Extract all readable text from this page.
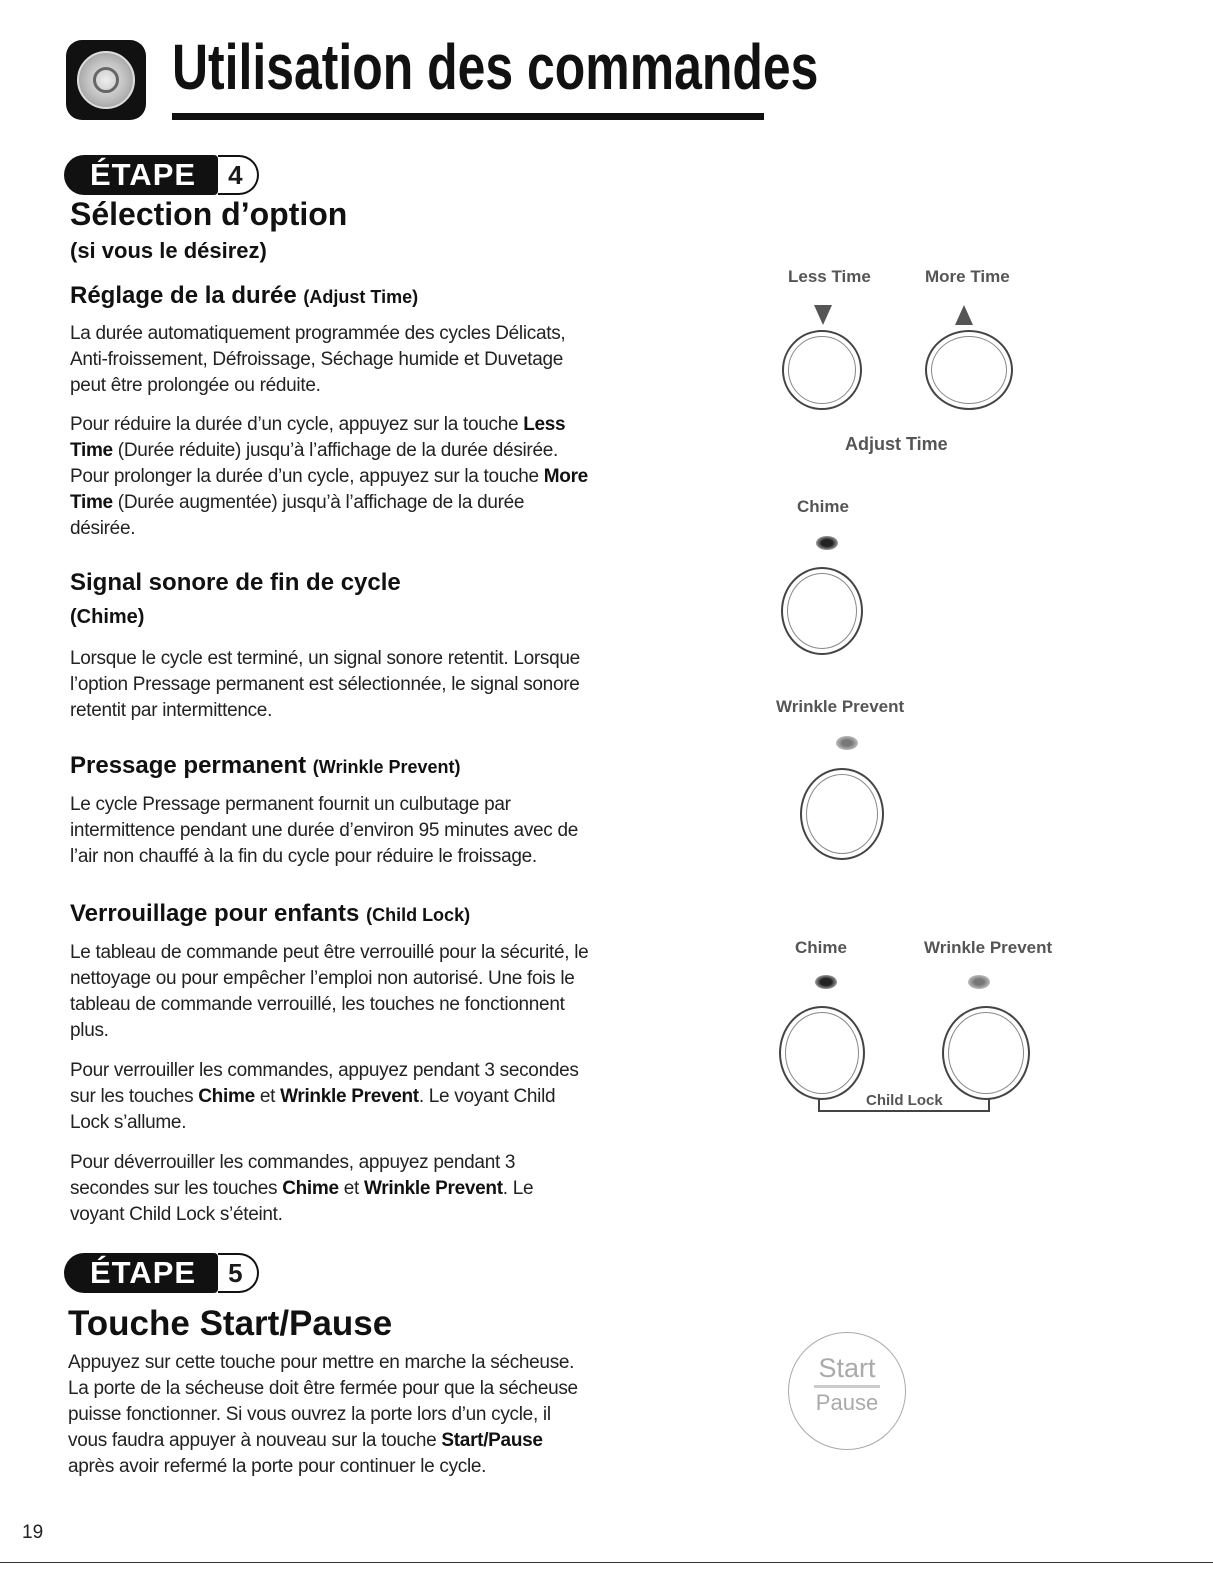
Utilisation des commandes
ÉTAPE	4
Sélection d’option
(si vous le désirez)
Réglage de la durée (Adjust Time)

La durée automatiquement programmée des cycles Délicats, Anti-froissement, Défroissage, Séchage humide et Duvetage peut être prolongée ou réduite.

Pour réduire la durée d’un cycle, appuyez sur la touche Less Time (Durée réduite) jusqu’à l’affichage de la durée désirée. Pour prolonger la durée d’un cycle, appuyez sur la touche More Time (Durée augmentée) jusqu’à l’affichage de la durée désirée.

Signal sonore de fin de cycle
(Chime)

Lorsque le cycle est terminé, un signal sonore retentit. Lorsque l’option Pressage permanent est sélectionnée, le signal sonore retentit par intermittence.

Pressage permanent (Wrinkle Prevent)

Le cycle Pressage permanent fournit un culbutage par intermittence pendant une durée d’environ 95 minutes avec de l’air non chauffé à la fin du cycle pour réduire le froissage.

Verrouillage pour enfants (Child Lock)

Le tableau de commande peut être verrouillé pour la sécurité, le nettoyage ou pour empêcher l’emploi non autorisé. Une fois le tableau de commande verrouillé, les touches ne fonctionnent plus.

Pour verrouiller les commandes, appuyez pendant 3 secondes sur les touches Chime et Wrinkle Prevent. Le voyant Child Lock s’allume.

Pour déverrouiller les commandes, appuyez pendant 3 secondes sur les touches Chime et Wrinkle Prevent. Le voyant Child Lock s’éteint.

ÉTAPE	5
Touche Start/Pause

Appuyez sur cette touche pour mettre en marche la sécheuse. La porte de la sécheuse doit être fermée pour que la sécheuse puisse fonctionner. Si vous ouvrez la porte lors d’un cycle, il vous faudra appuyer à nouveau sur la touche Start/Pause après avoir refermé la porte pour continuer le cycle.

Less Time	More Time
Adjust Time
Chime
Wrinkle Prevent
Chime	Wrinkle Prevent
Child Lock
Start
Pause
19
